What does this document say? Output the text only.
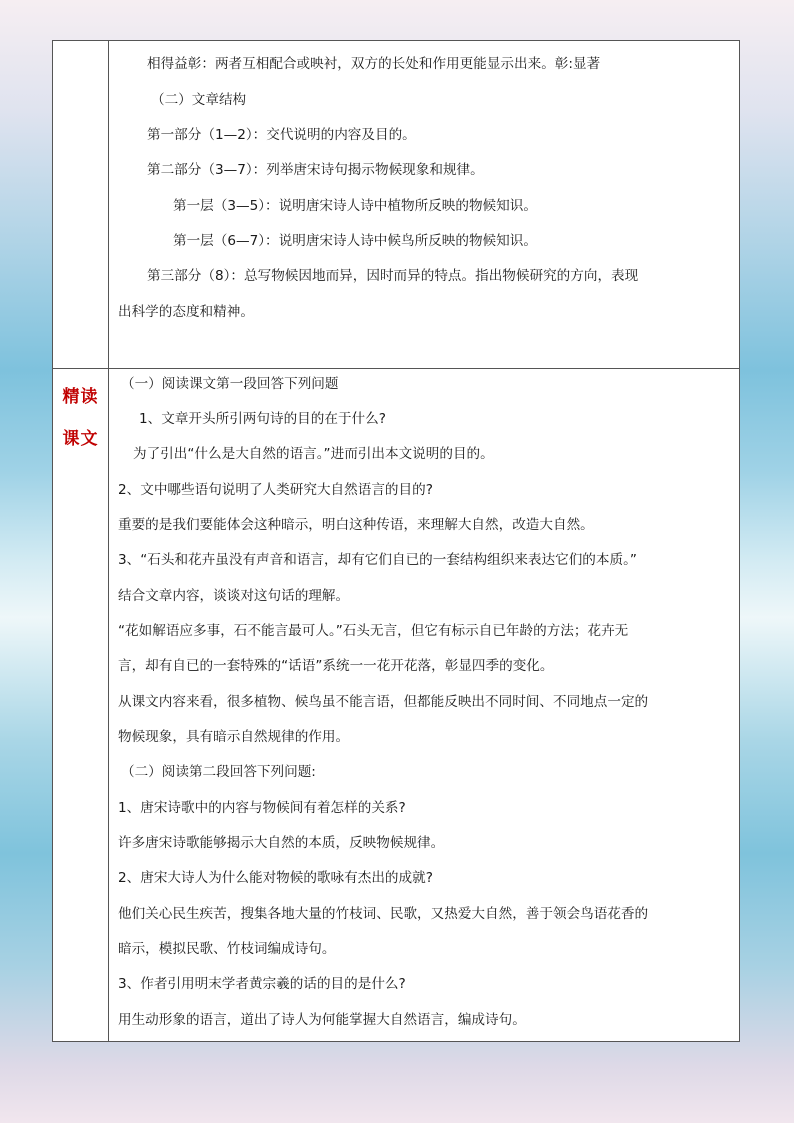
相得益彰：两者互相配合或映衬，双方的长处和作用更能显示出来。彰:显著
（二）文章结构
第一部分（1—2）：交代说明的内容及目的。
第二部分（3—7）：列举唐宋诗句揭示物候现象和规律。
第一层（3—5）：说明唐宋诗人诗中植物所反映的物候知识。
第一层（6—7）：说明唐宋诗人诗中候鸟所反映的物候知识。
第三部分（8）：总写物候因地而异，因时而异的特点。指出物候研究的方向，表现
出科学的态度和精神。
精读
课文
（一）阅读课文第一段回答下列问题
1、文章开头所引两句诗的目的在于什么?
为了引出“什么是大自然的语言。”进而引出本文说明的目的。
2、文中哪些语句说明了人类研究大自然语言的目的?
重要的是我们要能体会这种暗示，明白这种传语，来理解大自然，改造大自然。
3、“石头和花卉虽没有声音和语言，却有它们自已的一套结构组织来表达它们的本质。”
结合文章内容，谈谈对这句话的理解。
“花如解语应多事，石不能言最可人。”石头无言，但它有标示自已年龄的方法；花卉无
言，却有自已的一套特殊的“话语”系统一一花开花落，彰显四季的变化。
从课文内容来看，很多植物、候鸟虽不能言语，但都能反映出不同时间、不同地点一定的
物候现象，具有暗示自然规律的作用。
（二）阅读第二段回答下列问题:
1、唐宋诗歌中的内容与物候间有着怎样的关系?
许多唐宋诗歌能够揭示大自然的本质，反映物候规律。
2、唐宋大诗人为什么能对物候的歌咏有杰出的成就?
他们关心民生疾苦，搜集各地大量的竹枝词、民歌，又热爱大自然，善于领会鸟语花香的
暗示，模拟民歌、竹枝词编成诗句。
3、作者引用明末学者黄宗羲的话的目的是什么?
用生动形象的语言，道出了诗人为何能掌握大自然语言，编成诗句。
